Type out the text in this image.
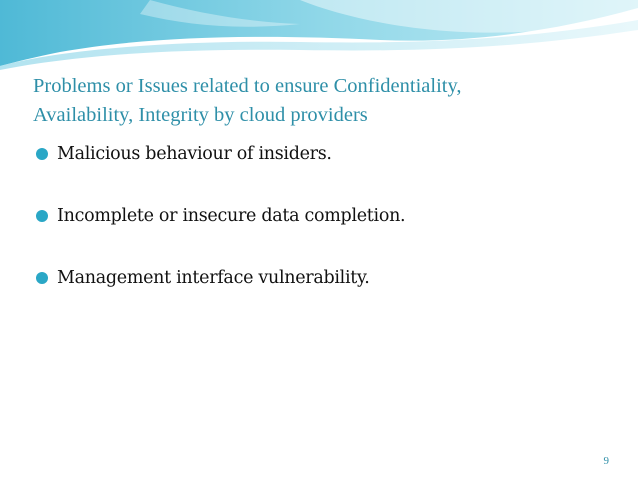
Problems or Issues related to ensure Confidentiality,
Availability, Integrity by cloud providers
Malicious behaviour of insiders.
Incomplete or insecure data completion.
Management interface vulnerability.
9
